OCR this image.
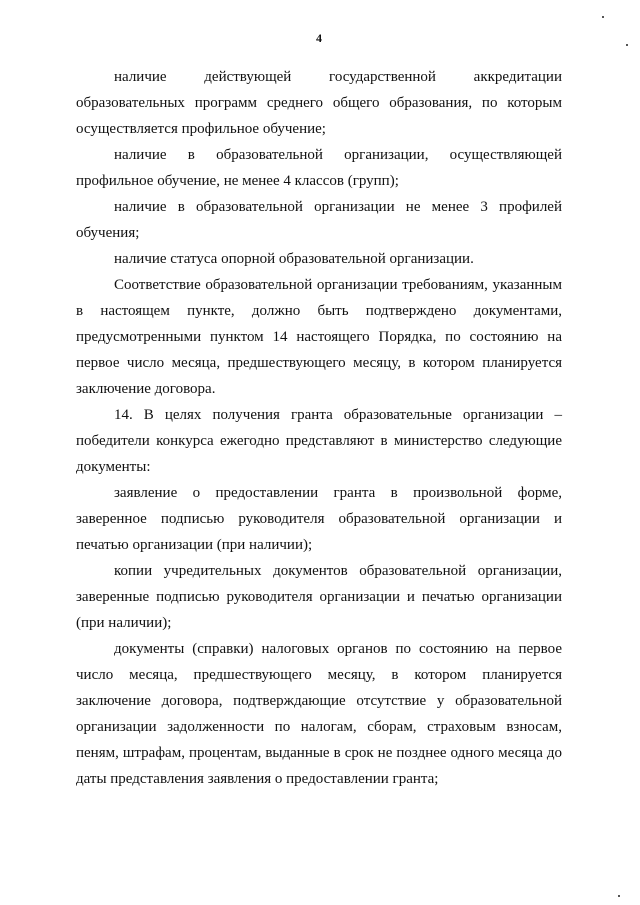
4

наличие действующей государственной аккредитации образовательных программ среднего общего образования, по которым осуществляется профильное обучение;

наличие в образовательной организации, осуществляющей профильное обучение, не менее 4 классов (групп);

наличие в образовательной организации не менее 3 профилей обучения;

наличие статуса опорной образовательной организации.

Соответствие образовательной организации требованиям, указанным в настоящем пункте, должно быть подтверждено документами, предусмотренными пунктом 14 настоящего Порядка, по состоянию на первое число месяца, предшествующего месяцу, в котором планируется заключение договора.

14. В целях получения гранта образовательные организации – победители конкурса ежегодно представляют в министерство следующие документы:

заявление о предоставлении гранта в произвольной форме, заверенное подписью руководителя образовательной организации и печатью организации (при наличии);

копии учредительных документов образовательной организации, заверенные подписью руководителя организации и печатью организации (при наличии);

документы (справки) налоговых органов по состоянию на первое число месяца, предшествующего месяцу, в котором планируется заключение договора, подтверждающие отсутствие у образовательной организации задолженности по налогам, сборам, страховым взносам, пеням, штрафам, процентам, выданные в срок не позднее одного месяца до даты представления заявления о предоставлении гранта;
